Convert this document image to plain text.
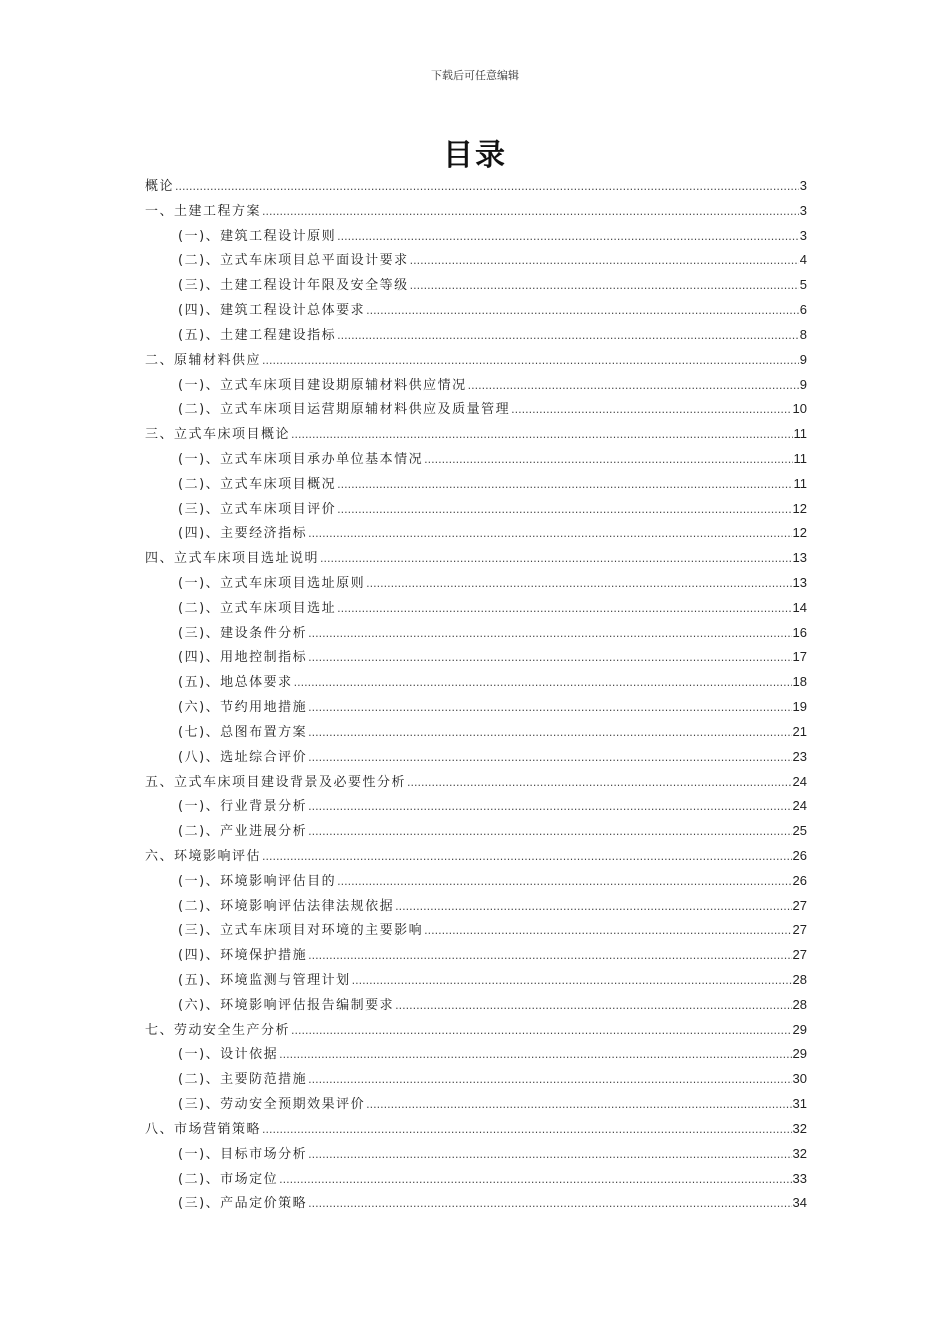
下载后可任意编辑
目录
概论 .....	3
一、土建工程方案 .....	3
(一)、建筑工程设计原则 .....	3
(二)、立式车床项目总平面设计要求 .....	4
(三)、土建工程设计年限及安全等级 .....	5
(四)、建筑工程设计总体要求 .....	6
(五)、土建工程建设指标 .....	8
二、原辅材料供应 .....	9
(一)、立式车床项目建设期原辅材料供应情况 .....	9
(二)、立式车床项目运营期原辅材料供应及质量管理 .....	10
三、立式车床项目概论 .....	11
(一)、立式车床项目承办单位基本情况 .....	11
(二)、立式车床项目概况 .....	11
(三)、立式车床项目评价 .....	12
(四)、主要经济指标 .....	12
四、立式车床项目选址说明 .....	13
(一)、立式车床项目选址原则 .....	13
(二)、立式车床项目选址 .....	14
(三)、建设条件分析 .....	16
(四)、用地控制指标 .....	17
(五)、地总体要求 .....	18
(六)、节约用地措施 .....	19
(七)、总图布置方案 .....	21
(八)、选址综合评价 .....	23
五、立式车床项目建设背景及必要性分析 .....	24
(一)、行业背景分析 .....	24
(二)、产业进展分析 .....	25
六、环境影响评估 .....	26
(一)、环境影响评估目的 .....	26
(二)、环境影响评估法律法规依据 .....	27
(三)、立式车床项目对环境的主要影响 .....	27
(四)、环境保护措施 .....	27
(五)、环境监测与管理计划 .....	28
(六)、环境影响评估报告编制要求 .....	28
七、劳动安全生产分析 .....	29
(一)、设计依据 .....	29
(二)、主要防范措施 .....	30
(三)、劳动安全预期效果评价 .....	31
八、市场营销策略 .....	32
(一)、目标市场分析 .....	32
(二)、市场定位 .....	33
(三)、产品定价策略 .....	34
